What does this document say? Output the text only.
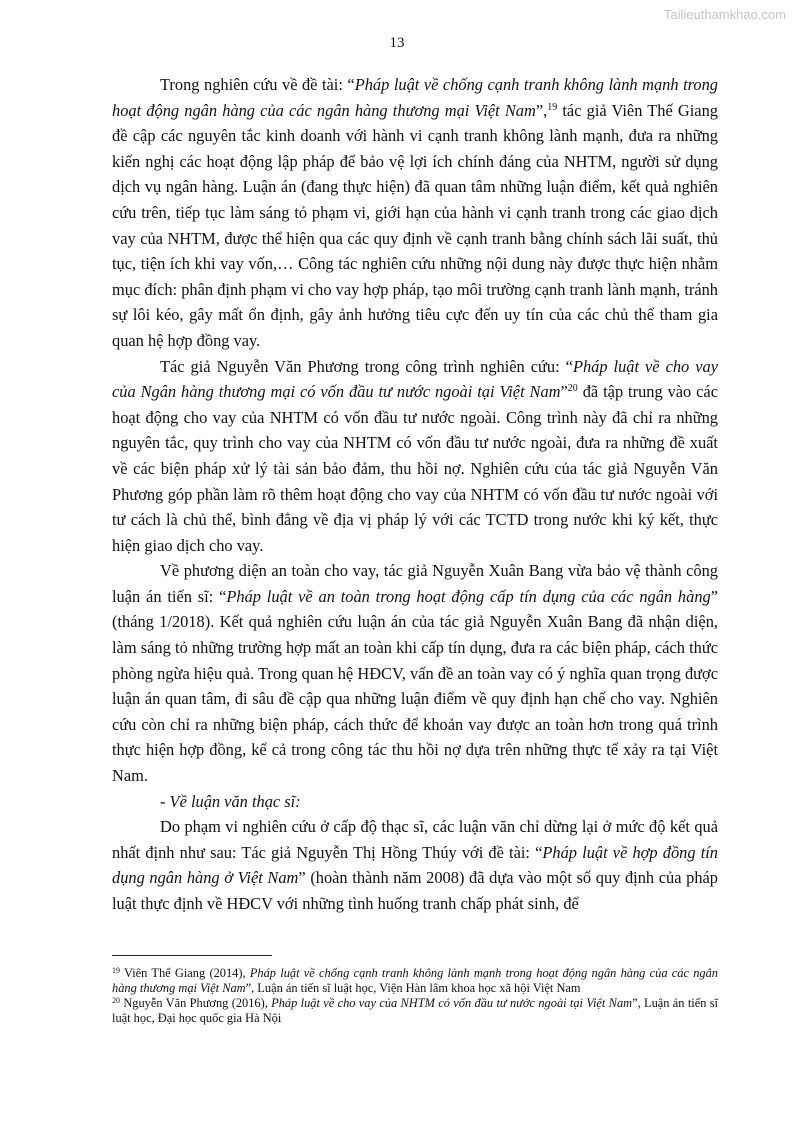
Tailieuthamkhao.com
13

Trong nghiên cứu về đề tài: “Pháp luật về chống cạnh tranh không lành mạnh trong hoạt động ngân hàng của các ngân hàng thương mại Việt Nam”,$^{19}$ tác giả Viên Thế Giang đề cập các nguyên tắc kinh doanh với hành vi cạnh tranh không lành mạnh, đưa ra những kiến nghị các hoạt động lập pháp để bảo vệ lợi ích chính đáng của NHTM, người sử dụng dịch vụ ngân hàng. Luận án (đang thực hiện) đã quan tâm những luận điểm, kết quả nghiên cứu trên, tiếp tục làm sáng tỏ phạm vi, giới hạn của hành vi cạnh tranh trong các giao dịch vay của NHTM, được thể hiện qua các quy định về cạnh tranh bằng chính sách lãi suất, thủ tục, tiện ích khi vay vốn,… Công tác nghiên cứu những nội dung này được thực hiện nhằm mục đích: phân định phạm vi cho vay hợp pháp, tạo môi trường cạnh tranh lành mạnh, tránh sự lôi kéo, gây mất ổn định, gây ảnh hưởng tiêu cực đến uy tín của các chủ thể tham gia quan hệ hợp đồng vay.

Tác giả Nguyễn Văn Phương trong công trình nghiên cứu: “Pháp luật về cho vay của Ngân hàng thương mại có vốn đầu tư nước ngoài tại Việt Nam”$^{20}$ đã tập trung vào các hoạt động cho vay của NHTM có vốn đầu tư nước ngoài. Công trình này đã chỉ ra những nguyên tắc, quy trình cho vay của NHTM có vốn đầu tư nước ngoài, đưa ra những đề xuất về các biện pháp xử lý tài sản bảo đảm, thu hồi nợ. Nghiên cứu của tác giả Nguyễn Văn Phương góp phần làm rõ thêm hoạt động cho vay của NHTM có vốn đầu tư nước ngoài với tư cách là chủ thể, bình đẳng về địa vị pháp lý với các TCTD trong nước khi ký kết, thực hiện giao dịch cho vay.

Về phương diện an toàn cho vay, tác giả Nguyễn Xuân Bang vừa bảo vệ thành công luận án tiến sĩ: “Pháp luật về an toàn trong hoạt động cấp tín dụng của các ngân hàng” (tháng 1/2018). Kết quả nghiên cứu luận án của tác giả Nguyễn Xuân Bang đã nhận diện, làm sáng tỏ những trường hợp mất an toàn khi cấp tín dụng, đưa ra các biện pháp, cách thức phòng ngừa hiệu quả. Trong quan hệ HĐCV, vấn đề an toàn vay có ý nghĩa quan trọng được luận án quan tâm, đi sâu đề cập qua những luận điểm về quy định hạn chế cho vay. Nghiên cứu còn chỉ ra những biện pháp, cách thức để khoản vay được an toàn hơn trong quá trình thực hiện hợp đồng, kể cả trong công tác thu hồi nợ dựa trên những thực tế xảy ra tại Việt Nam.

- Về luận văn thạc sĩ:

Do phạm vi nghiên cứu ở cấp độ thạc sĩ, các luận văn chỉ dừng lại ở mức độ kết quả nhất định như sau: Tác giả Nguyễn Thị Hồng Thúy với đề tài: “Pháp luật về hợp đồng tín dụng ngân hàng ở Việt Nam” (hoàn thành năm 2008) đã dựa vào một số quy định của pháp luật thực định về HĐCV với những tình huống tranh chấp phát sinh, để

$^{19}$ Viên Thế Giang (2014), Pháp luật về chống cạnh tranh không lành mạnh trong hoạt động ngân hàng của các ngân hàng thương mại Việt Nam”, Luận án tiến sĩ luật học, Viện Hàn lâm khoa học xã hội Việt Nam

$^{20}$ Nguyễn Văn Phương (2016), Pháp luật về cho vay của NHTM có vốn đầu tư nước ngoài tại Việt Nam”, Luận án tiến sĩ luật học, Đại học quốc gia Hà Nội
